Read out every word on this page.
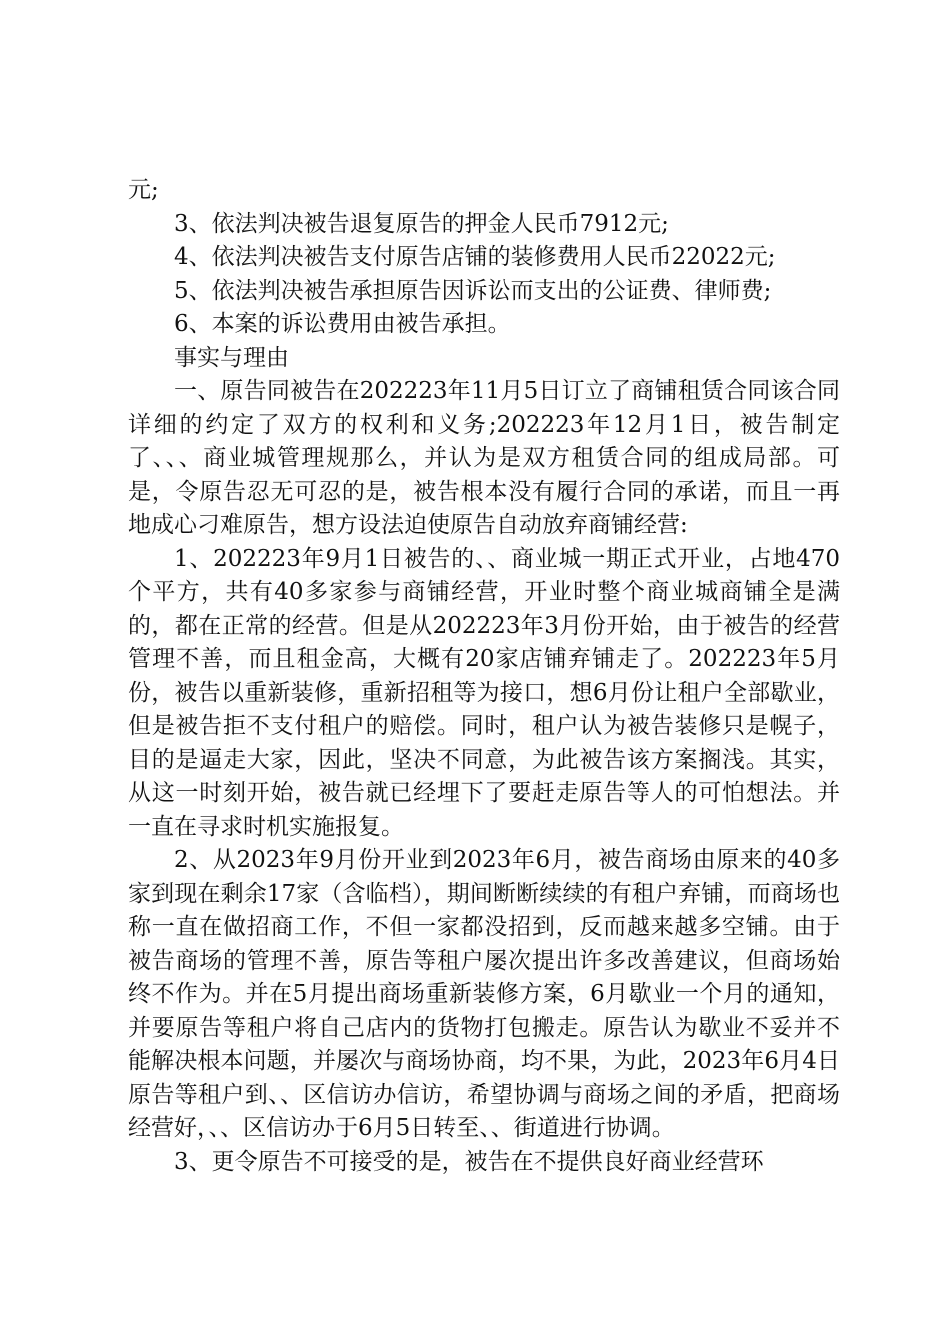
元;

3、依法判决被告退复原告的押金人民币7912元;

4、依法判决被告支付原告店铺的装修费用人民币22022元;

5、依法判决被告承担原告因诉讼而支出的公证费、律师费;

6、本案的诉讼费用由被告承担。

事实与理由

一、原告同被告在202223年11月5日订立了商铺租赁合同该合同详细的约定了双方的权利和义务;202223年12月1日，被告制定了、、、商业城管理规那么，并认为是双方租赁合同的组成局部。可是，令原告忍无可忍的是，被告根本没有履行合同的承诺，而且一再地成心刁难原告，想方设法迫使原告自动放弃商铺经营:

1、202223年9月1日被告的、、商业城一期正式开业，占地470个平方，共有40多家参与商铺经营，开业时整个商业城商铺全是满的，都在正常的经营。但是从202223年3月份开始，由于被告的经营管理不善，而且租金高，大概有20家店铺弃铺走了。202223年5月份，被告以重新装修，重新招租等为接口，想6月份让租户全部歇业，但是被告拒不支付租户的赔偿。同时，租户认为被告装修只是幌子，目的是逼走大家，因此，坚决不同意，为此被告该方案搁浅。其实，从这一时刻开始，被告就已经埋下了要赶走原告等人的可怕想法。并一直在寻求时机实施报复。

2、从2023年9月份开业到2023年6月，被告商场由原来的40多家到现在剩余17家（含临档），期间断断续续的有租户弃铺，而商场也称一直在做招商工作，不但一家都没招到，反而越来越多空铺。由于被告商场的管理不善，原告等租户屡次提出许多改善建议，但商场始终不作为。并在5月提出商场重新装修方案，6月歇业一个月的通知，并要原告等租户将自己店内的货物打包搬走。原告认为歇业不妥并不能解决根本问题，并屡次与商场协商，均不果，为此，2023年6月4日原告等租户到、、区信访办信访，希望协调与商场之间的矛盾，把商场经营好，、、区信访办于6月5日转至、、街道进行协调。

3、更令原告不可接受的是，被告在不提供良好商业经营环
